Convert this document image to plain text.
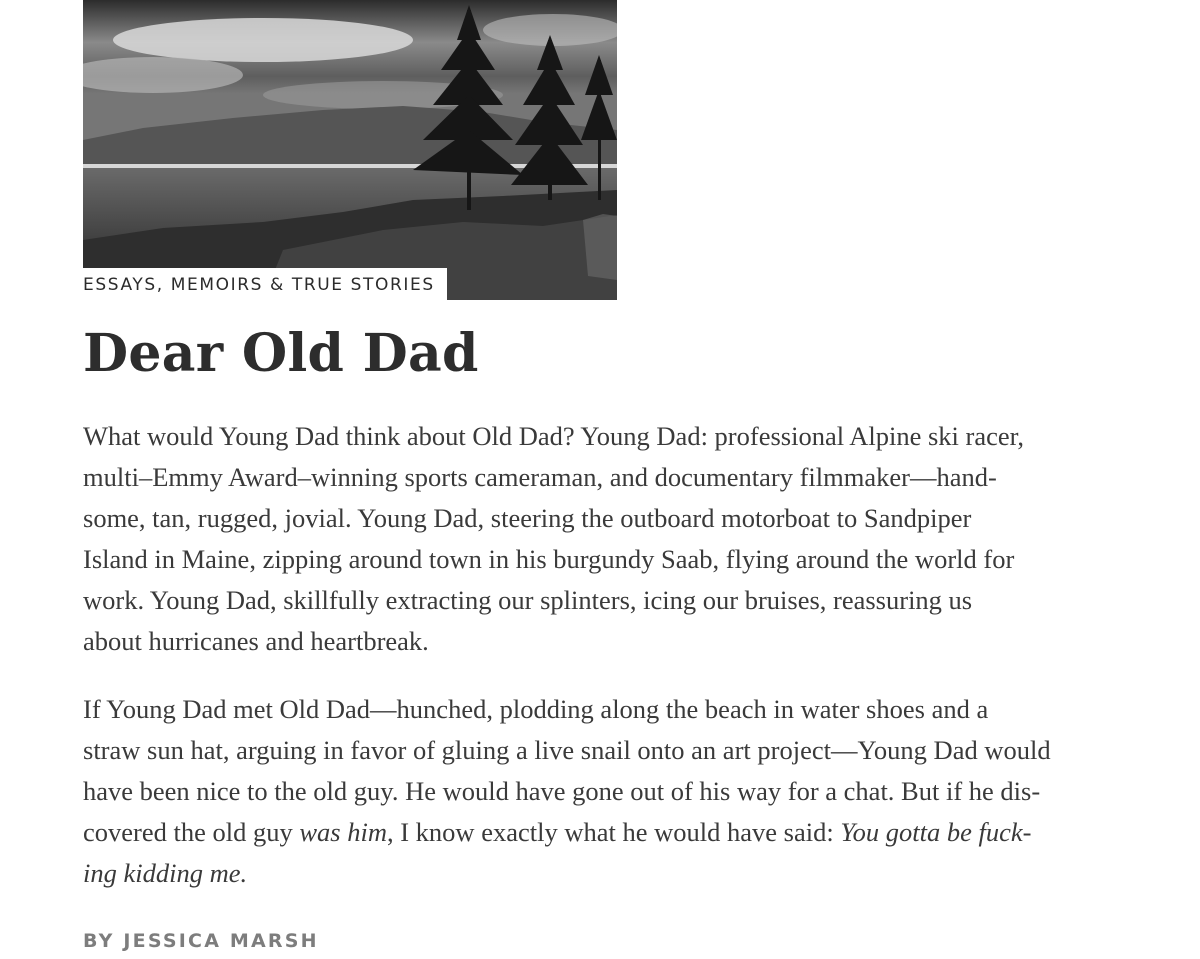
ESSAYS, MEMOIRS & TRUE STORIES
Dear Old Dad

What would Young Dad think about Old Dad? Young Dad: professional Alpine ski racer,
multi–Emmy Award–winning sports cameraman, and documentary filmmaker—hand-
some, tan, rugged, jovial. Young Dad, steering the outboard motorboat to Sandpiper
Island in Maine, zipping around town in his burgundy Saab, flying around the world for
work. Young Dad, skillfully extracting our splinters, icing our bruises, reassuring us
about hurricanes and heartbreak.

If Young Dad met Old Dad—hunched, plodding along the beach in water shoes and a
straw sun hat, arguing in favor of gluing a live snail onto an art project—Young Dad would
have been nice to the old guy. He would have gone out of his way for a chat. But if he dis-
covered the old guy was him, I know exactly what he would have said: You gotta be fuck-
ing kidding me.

BY JESSICA MARSH
